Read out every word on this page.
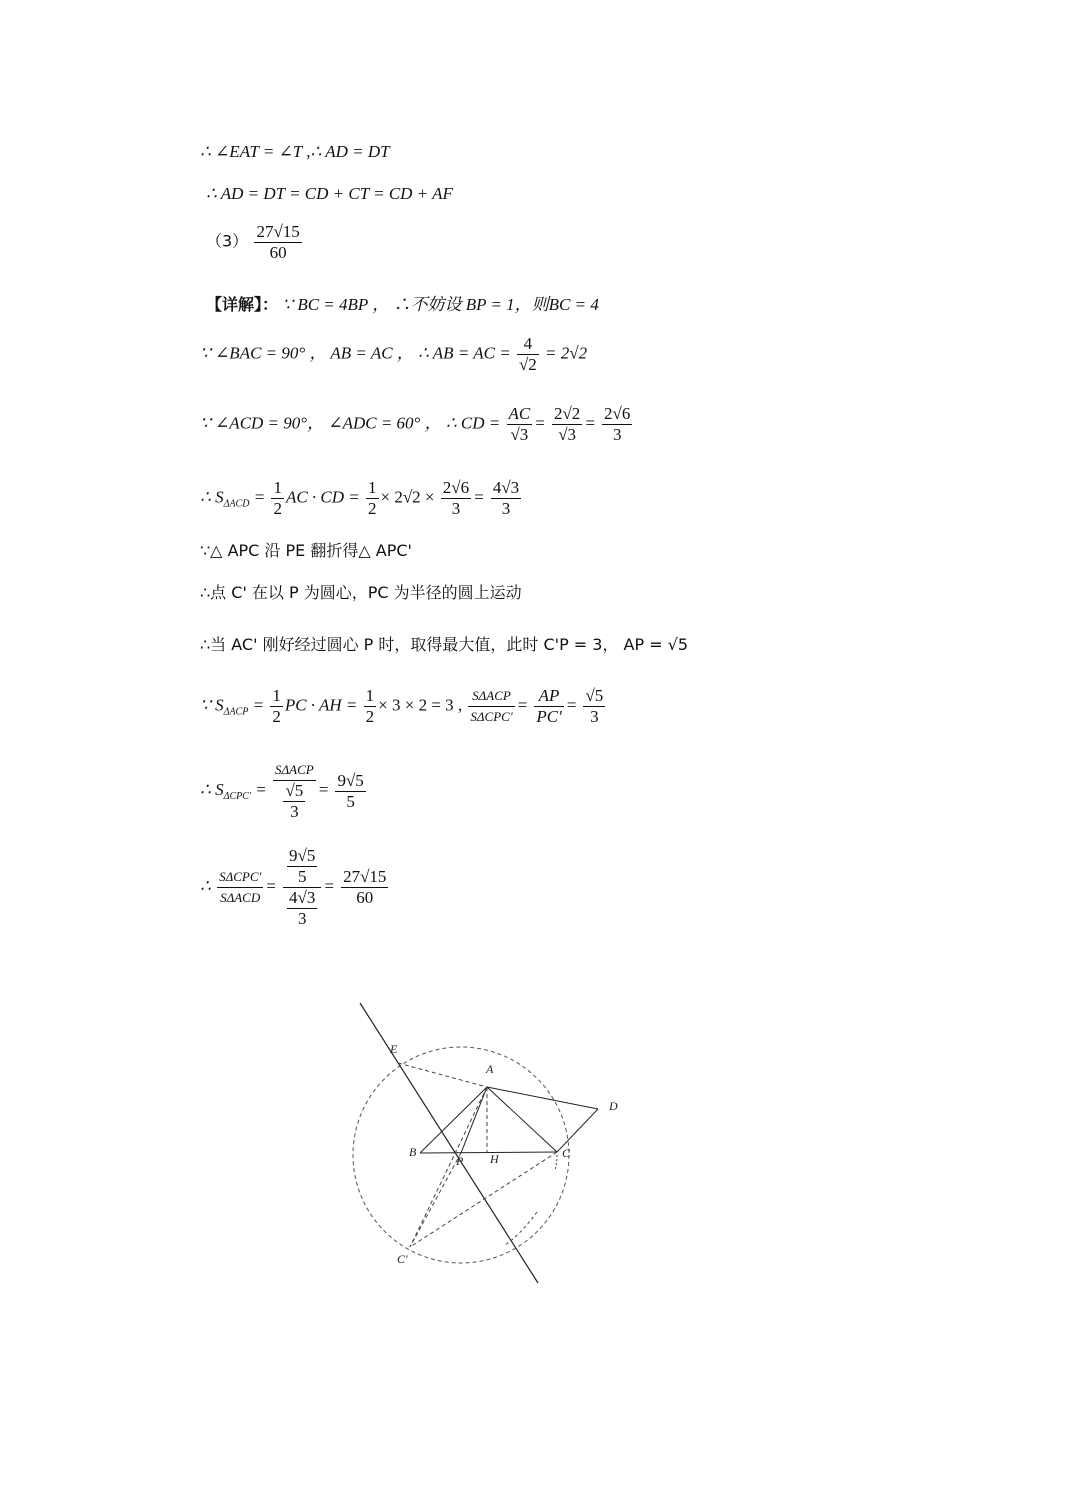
∴ ∠EAT = ∠T ,∴ AD = DT
∴ AD = DT = CD + CT = CD + AF
$(3) \frac{27√15}{60}$
【详解】： ∵ BC = 4BP ， ∴不妨设 BP = 1，则BC = 4
∵ ∠BAC = 90° ， AB = AC ， ∴ AB = AC = $\frac{4}{√2} = 2√2$
∵ ∠ACD = 90°， ∠ADC = 60° ， ∴ CD = $\frac{AC}{√3} = \frac{2√2}{√3} = \frac{2√6}{3}$
∴ $S_{\Delta ACD} = \frac{1}{2}$ AC · CD = $\frac{1}{2} \times 2√2 \times \frac{2√6}{3} = \frac{4√3}{3}$
∵△ APC 沿 PE 翻折得△ APC'
∴点 C' 在以 P 为圆心，PC 为半径的圆上运动
∴当 AC' 刚好经过圆心 P 时，取得最大值，此时 C'P = 3， AP = √5
∵ $S_{\Delta ACP} = \frac{1}{2}$ PC · AH = $\frac{1}{2} \times 3 \times 2 = 3$ , $\frac{\text{SΔACP}}{\text{SΔCPC'}} = \frac{AP}{PC'} = \frac{√5}{3}$
∴ $S_{\Delta CPC'} = \frac{\text{SΔACP}}{\frac{√5}{3}} = \frac{9√5}{5}$
∴ $\frac{\text{SΔCPC'}}{\text{SΔACD}} = \frac{\frac{9√5}{5}}{\frac{4√3}{3}} = \frac{27√15}{60}$
E
A
D
B
P H	C
C'
